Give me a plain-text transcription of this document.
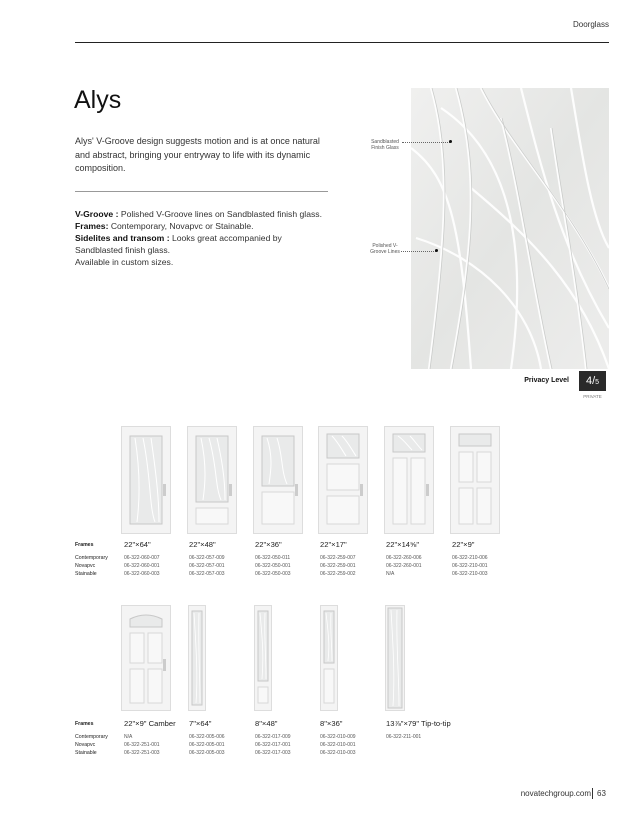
Doorglass
Alys

Alys' V-Groove design suggests motion and is at once natural and abstract, bringing your entryway to life with its dynamic composition.

V-Groove : Polished V-Groove lines on Sandblasted finish glass.
Frames: Contemporary, Novapvc or Stainable.
Sidelites and transom : Looks great accompanied by Sandblasted finish glass.
Available in custom sizes.
Sandblasted Finish Glass
Polished V-Groove Lines
Privacy Level	4/5
PRIVATE
Frames
Contemporary
Novapvc
Stainable
22"×64"
06-322-060-007
06-322-060-001
06-322-060-003
22"×48"
06-322-057-009
06-322-057-001
06-322-057-003
22"×36"
06-322-050-011
06-322-050-001
06-322-050-003
22"×17"
06-322-259-007
06-322-259-001
06-322-259-002
22"×14⅝"
06-322-260-006
06-322-260-001
N/A
22"×9"
06-322-210-006
06-322-210-001
06-322-210-003
Frames
Contemporary
Novapvc
Stainable
22"×9" Camber
N/A
06-322-251-001
06-322-251-003
7"×64"
06-322-005-006
06-322-005-001
06-322-005-003
8"×48"
06-322-017-009
06-322-017-001
06-322-017-003
8"×36"
06-322-010-009
06-322-010-001
06-322-010-003
13⅞"×79" Tip-to-tip
06-322-211-001
novatechgroup.com 63
